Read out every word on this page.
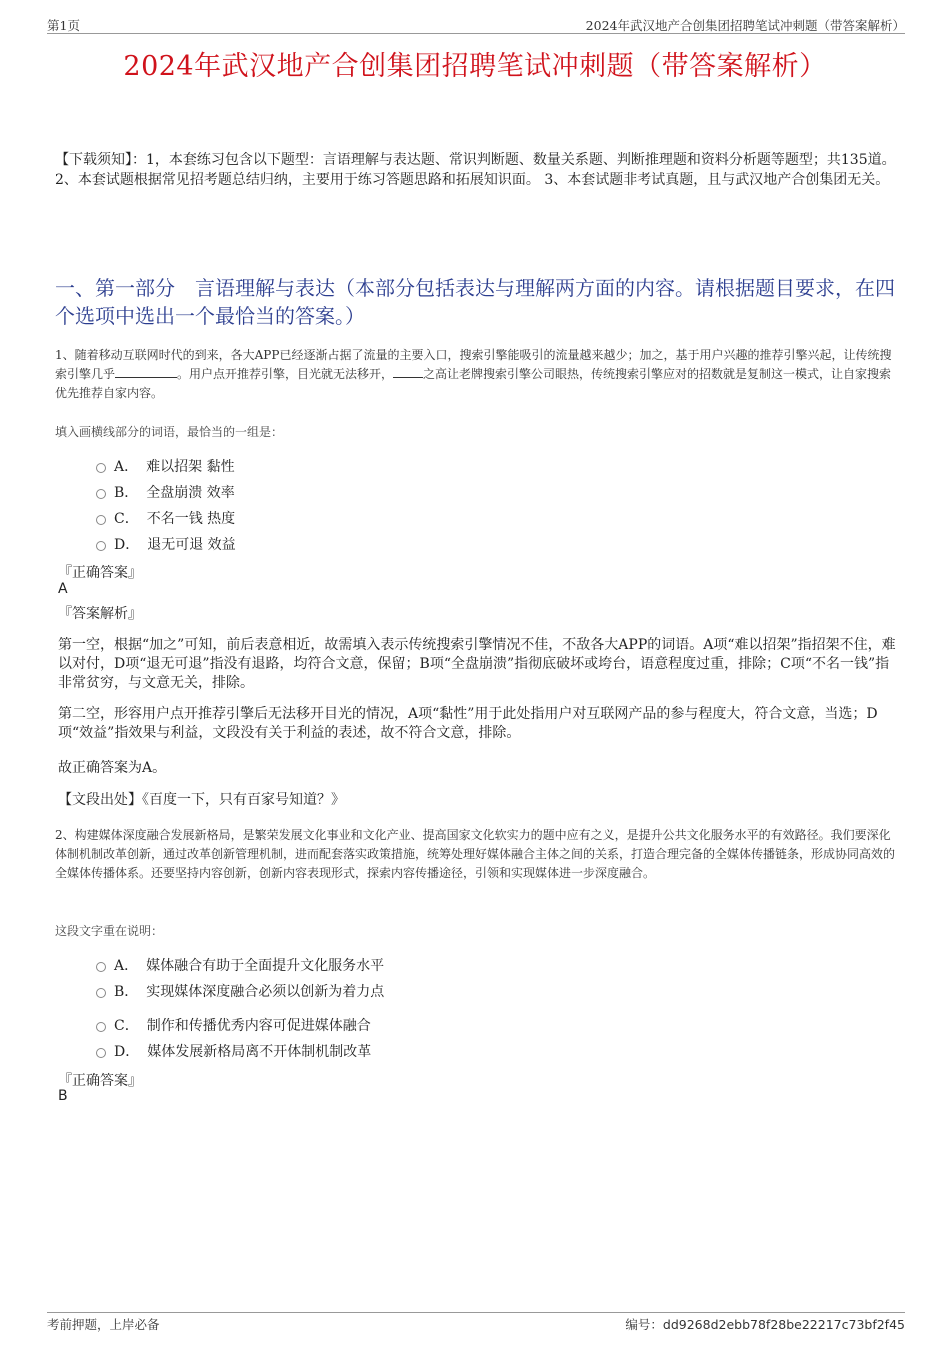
第1页	2024年武汉地产合创集团招聘笔试冲刺题（带答案解析）
2024年武汉地产合创集团招聘笔试冲刺题（带答案解析）
【下载须知】：1，本套练习包含以下题型：言语理解与表达题、常识判断题、数量关系题、判断推理题和资料分析题等题型；共135道。 2、本套试题根据常见招考题总结归纳，主要用于练习答题思路和拓展知识面。 3、本套试题非考试真题，且与武汉地产合创集团无关。
一、第一部分　言语理解与表达（本部分包括表达与理解两方面的内容。请根据题目要求，在四个选项中选出一个最恰当的答案。）
1、随着移动互联网时代的到来，各大APP已经逐渐占据了流量的主要入口，搜索引擎能吸引的流量越来越少；加之，基于用户兴趣的推荐引擎兴起，让传统搜索引擎几乎	。用户点开推荐引擎，目光就无法移开，	之高让老牌搜索引擎公司眼热，传统搜索引擎应对的招数就是复制这一模式，让自家搜索优先推荐自家内容。
填入画横线部分的词语，最恰当的一组是：
A． 难以招架 黏性
B． 全盘崩溃 效率
C． 不名一钱 热度
D． 退无可退 效益
『正确答案』
A
『答案解析』
第一空，根据“加之”可知，前后表意相近，故需填入表示传统搜索引擎情况不佳，不敌各大APP的词语。A项“难以招架”指招架不住，难以对付，D项“退无可退”指没有退路，均符合文意，保留；B项“全盘崩溃”指彻底破坏或垮台，语意程度过重，排除；C项“不名一钱”指非常贫穷，与文意无关，排除。
第二空，形容用户点开推荐引擎后无法移开目光的情况，A项“黏性”用于此处指用户对互联网产品的参与程度大，符合文意，当选；D项“效益”指效果与利益，文段没有关于利益的表述，故不符合文意，排除。
故正确答案为A。
【文段出处】《百度一下，只有百家号知道？》
2、构建媒体深度融合发展新格局，是繁荣发展文化事业和文化产业、提高国家文化软实力的题中应有之义，是提升公共文化服务水平的有效路径。我们要深化体制机制改革创新，通过改革创新管理机制，进而配套落实政策措施，统筹处理好媒体融合主体之间的关系，打造合理完备的全媒体传播链条，形成协同高效的全媒体传播体系。还要坚持内容创新，创新内容表现形式，探索内容传播途径，引领和实现媒体进一步深度融合。
这段文字重在说明：
A． 媒体融合有助于全面提升文化服务水平
B． 实现媒体深度融合必须以创新为着力点
C． 制作和传播优秀内容可促进媒体融合
D． 媒体发展新格局离不开体制机制改革
『正确答案』
B
考前押题，上岸必备	编号：dd9268d2ebb78f28be22217c73bf2f45
